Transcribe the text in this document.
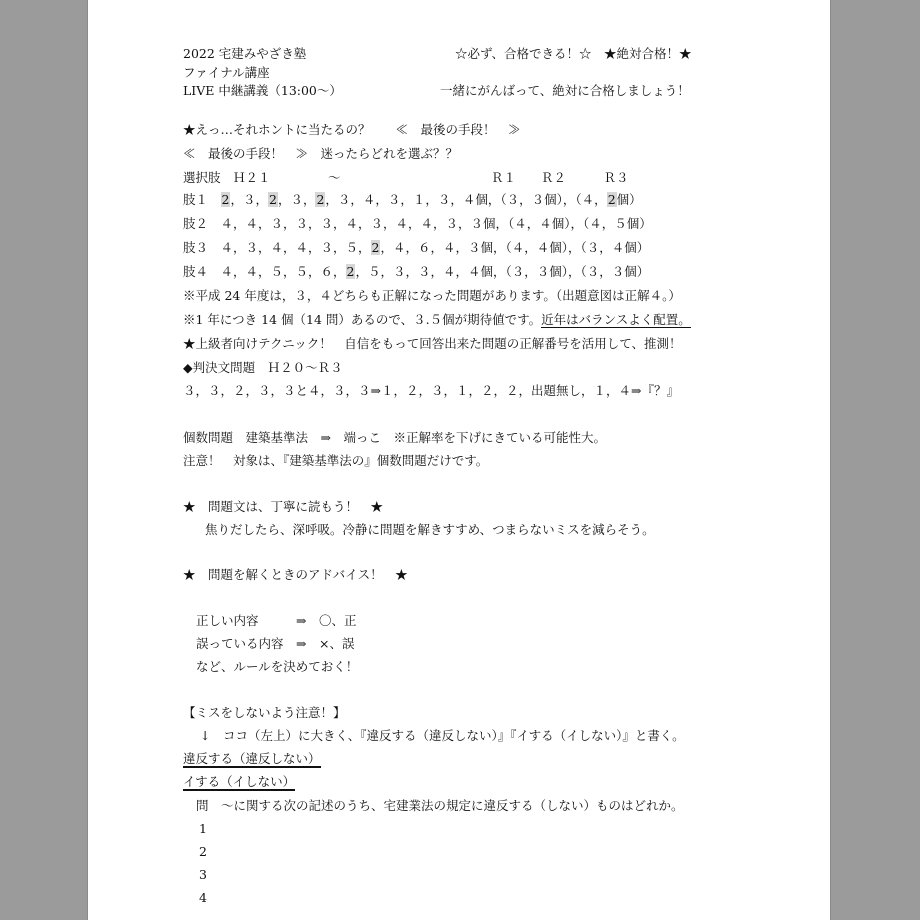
2022 宅建みやざき塾	☆必ず、合格できる！☆　★絶対合格！★
ファイナル講座
LIVE 中継講義（13:00～）	一緒にがんばって、絶対に合格しましょう！
★えっ…それホントに当たるの？　　≪　最後の手段！　≫
≪　最後の手段！　≫　迷ったらどれを選ぶ？？
選択肢　Ｈ２１	～	Ｒ１　　Ｒ２　　　Ｒ３
肢１　 2，３，2，３，2，３，４，３，１，３，４個，（３，３個），（４，2個）
肢２　４，４，３，３，３，４，３，４，４，３，３個，（４，４個），（４，５個）
肢３　４，３，４，４，３，５，2，４，６，４，３個，（４，４個），（３，４個）
肢４　４，４，５，５，６，2，５，３，３，４，４個，（３，３個），（３，３個）
※平成 24 年度は，３，４どちらも正解になった問題があります。（出題意図は正解４。）
※1 年につき 14 個（14 問）あるので、３.５個が期待値です。近年はバランスよく配置。
★上級者向けテクニック！　自信をもって回答出来た問題の正解番号を活用して、推測！
◆判決文問題　Ｈ２０～Ｒ３
３，３，２，３，３と４，３，３⇒１，２，３，１，２，２，出題無し，１，４⇒『？』
個数問題　建築基準法　⇒　端っこ　※正解率を下げにきている可能性大。
注意！　対象は、『建築基準法の』個数問題だけです。
★　問題文は、丁寧に読もう！　★
焦りだしたら、深呼吸。冷静に問題を解きすすめ、つまらないミスを減らそう。
★　問題を解くときのアドバイス！　★
正しい内容　　　⇒　〇、正
誤っている内容　⇒　×、誤
など、ルールを決めておく！
【ミスをしないよう注意！】
↓　ココ（左上）に大きく、『違反する（違反しない）』『イする（イしない）』と書く。
違反する（違反しない）
イする（イしない）
問　～に関する次の記述のうち、宅建業法の規定に違反する（しない）ものはどれか。
1
2
3
4
